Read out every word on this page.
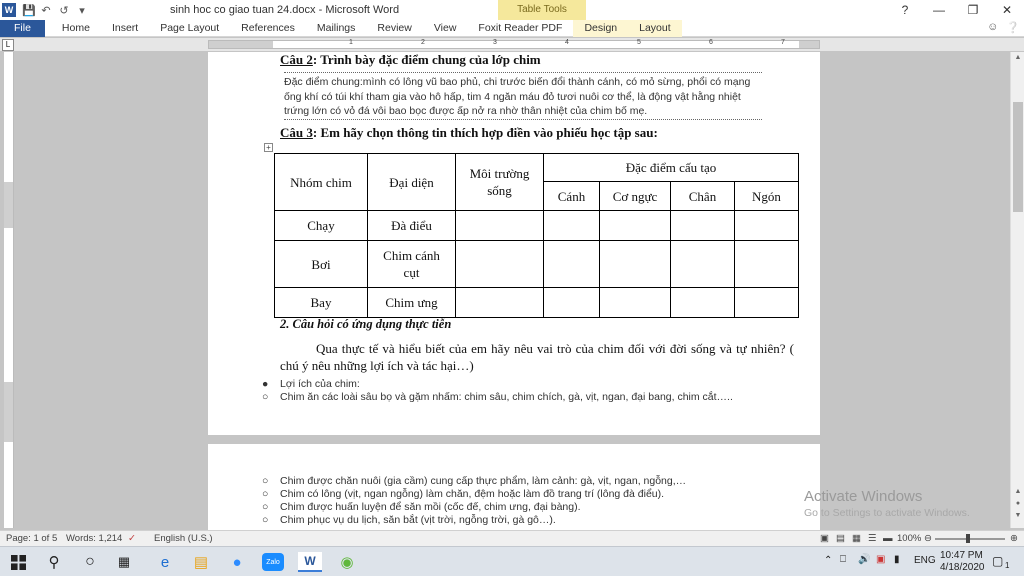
W 💾 ↶ ↺ ▾	sinh hoc co giao tuan 24.docx - Microsoft Word	Table Tools	?	—	❐	✕
File	Home	Insert	Page Layout	References	Mailings	Review	View	Foxit Reader PDF	Design	Layout	☺ ❔
L	1	2	3	4	5	6	7
Câu 2: Trình bày đặc điểm chung của lớp chim
Đặc điểm chung:mình có lông vũ bao phủ, chi trước biến đổi thành cánh, có mỏ sừng, phổi có mạng ống khí có túi khí tham gia vào hô hấp, tim 4 ngăn máu đỏ tươi nuôi cơ thể, là động vật hằng nhiệt trứng lớn có vỏ đá vôi bao bọc được ấp nở ra nhờ thân nhiệt của chim bố mẹ.
Câu 3: Em hãy chọn thông tin thích hợp điền vào phiếu học tập sau:
Nhóm chim	Đại diện	Môi trường sống	Đặc điểm cấu tạo			
			Cánh	Cơ ngực	Chân	Ngón
Chạy	Đà điểu					
Bơi	Chim cánh cụt					
Bay	Chim ưng					
2. Câu hỏi có ứng dụng thực tiễn
Qua thực tế và hiểu biết của em hãy nêu vai trò của chim đối với đời sống và tự nhiên? ( chú ý nêu những lợi ích và tác hại…)
● Lợi ích của chim:
○ Chim ăn các loài sâu bọ và gặm nhấm: chim sâu, chim chích, gà, vịt, ngan, đại bang, chim cắt…..
+
○ Chim được chăn nuôi (gia cầm) cung cấp thực phẩm, làm cảnh: gà, vịt, ngan, ngỗng,…
○ Chim có lông (vịt, ngan ngỗng) làm chăn, đệm hoặc làm đồ trang trí (lông đà điểu).
○ Chim được huấn luyện để săn mồi (cốc đế, chim ưng, đại bàng).
○ Chim phục vụ du lịch, săn bắt (vịt trời, ngỗng trời, gà gô…).
▲
▲
●
▼
Activate Windows
Go to Settings to activate Windows.
Page: 1 of 5 Words: 1,214 ✓ English (U.S.)	▣ ▤ ▦ ☰ ▬ 100% ⊖	⊕
⚲	○	▦	e	▤	●	Zalo	W	◉	⌃ ⎕ 🔊 ▣ ▮ ENG 10:47 PM
4/18/2020 ▢ 1
